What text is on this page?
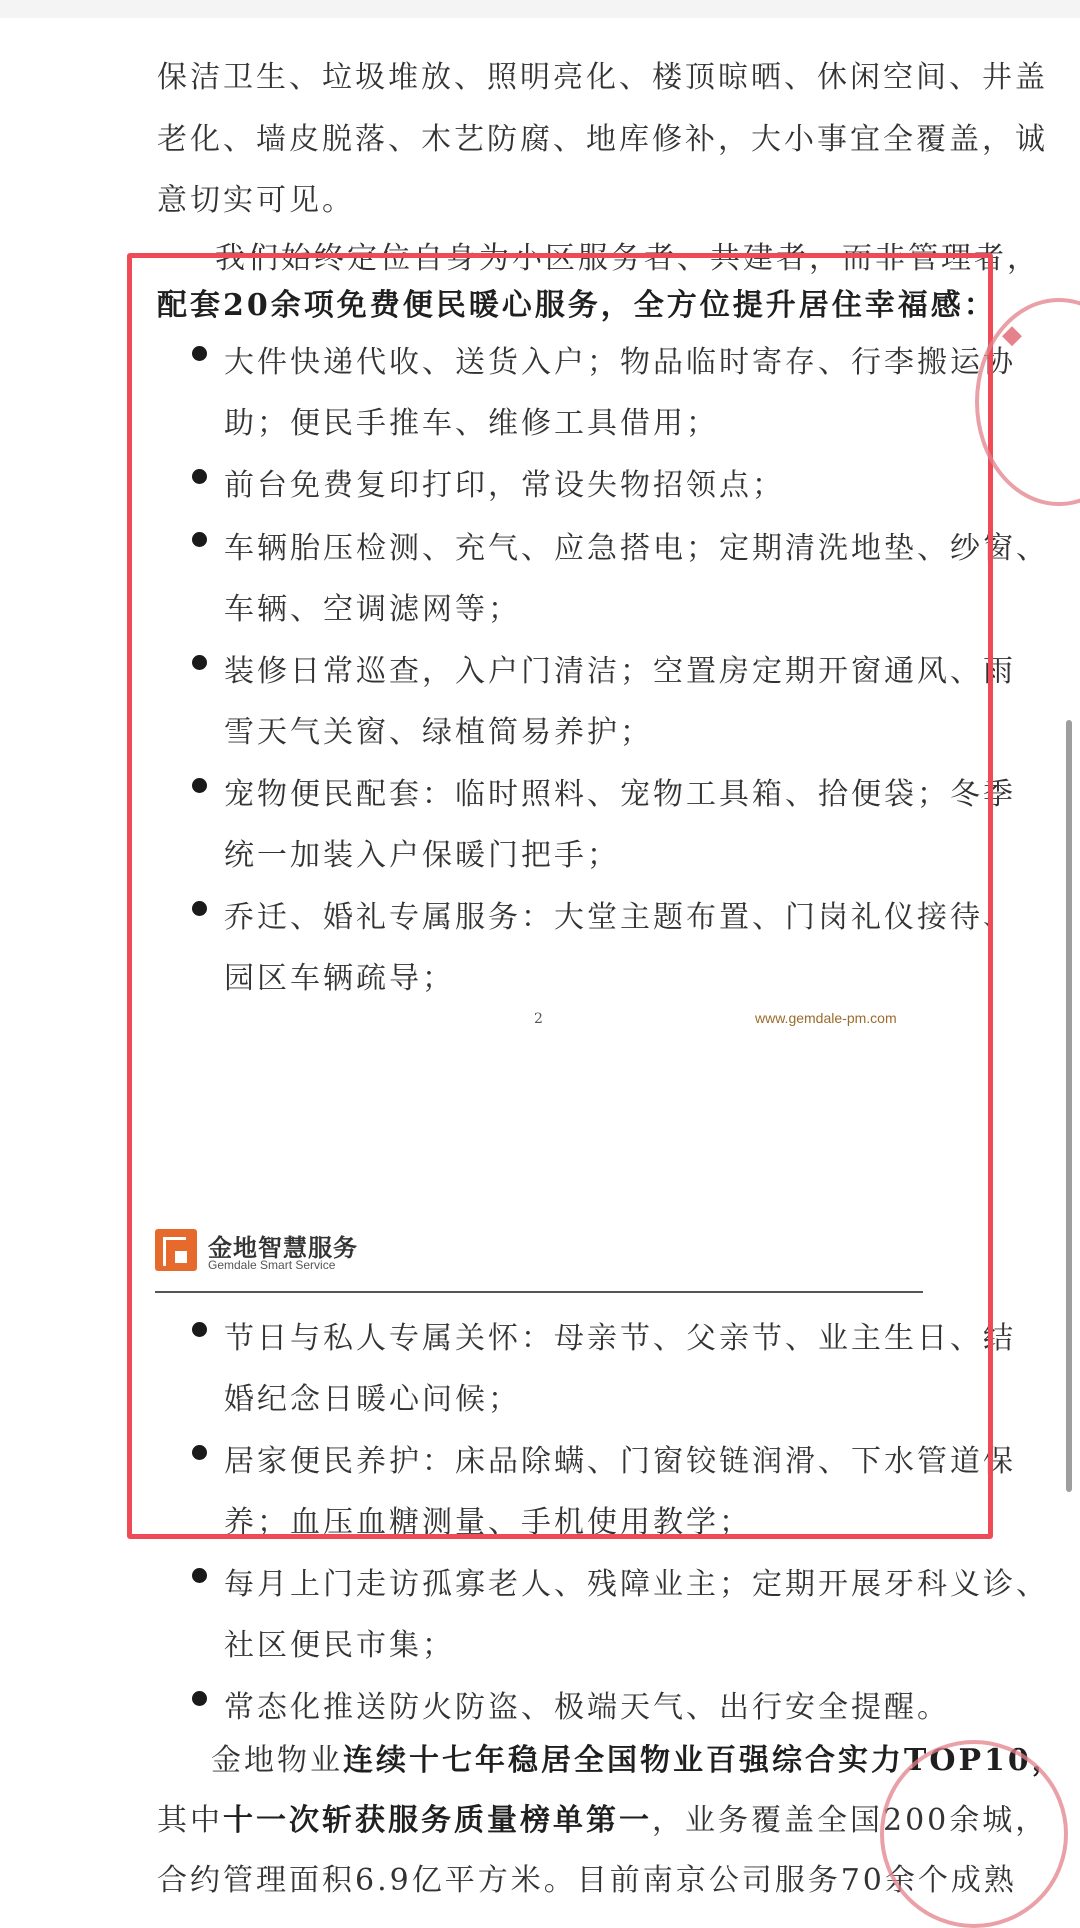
保洁卫生、垃圾堆放、照明亮化、楼顶晾晒、休闲空间、井盖
老化、墙皮脱落、木艺防腐、地库修补，大小事宜全覆盖，诚
意切实可见。
我们始终定位自身为小区服务者、共建者，而非管理者，
配套20余项免费便民暖心服务，全方位提升居住幸福感：
大件快递代收、送货入户；物品临时寄存、行李搬运协
助；便民手推车、维修工具借用；
前台免费复印打印，常设失物招领点；
车辆胎压检测、充气、应急搭电；定期清洗地垫、纱窗、
车辆、空调滤网等；
装修日常巡查，入户门清洁；空置房定期开窗通风、雨
雪天气关窗、绿植简易养护；
宠物便民配套：临时照料、宠物工具箱、拾便袋；冬季
统一加装入户保暖门把手；
乔迁、婚礼专属服务：大堂主题布置、门岗礼仪接待、
园区车辆疏导；
2	www.gemdale-pm.com
金地智慧服务
Gemdale Smart Service
节日与私人专属关怀：母亲节、父亲节、业主生日、结
婚纪念日暖心问候；
居家便民养护：床品除螨、门窗铰链润滑、下水管道保
养；血压血糖测量、手机使用教学；
每月上门走访孤寡老人、残障业主；定期开展牙科义诊、
社区便民市集；
常态化推送防火防盗、极端天气、出行安全提醒。
金地物业连续十七年稳居全国物业百强综合实力TOP10，
其中十一次斩获服务质量榜单第一，业务覆盖全国200余城，
合约管理面积6.9亿平方米。目前南京公司服务70余个成熟
◆
